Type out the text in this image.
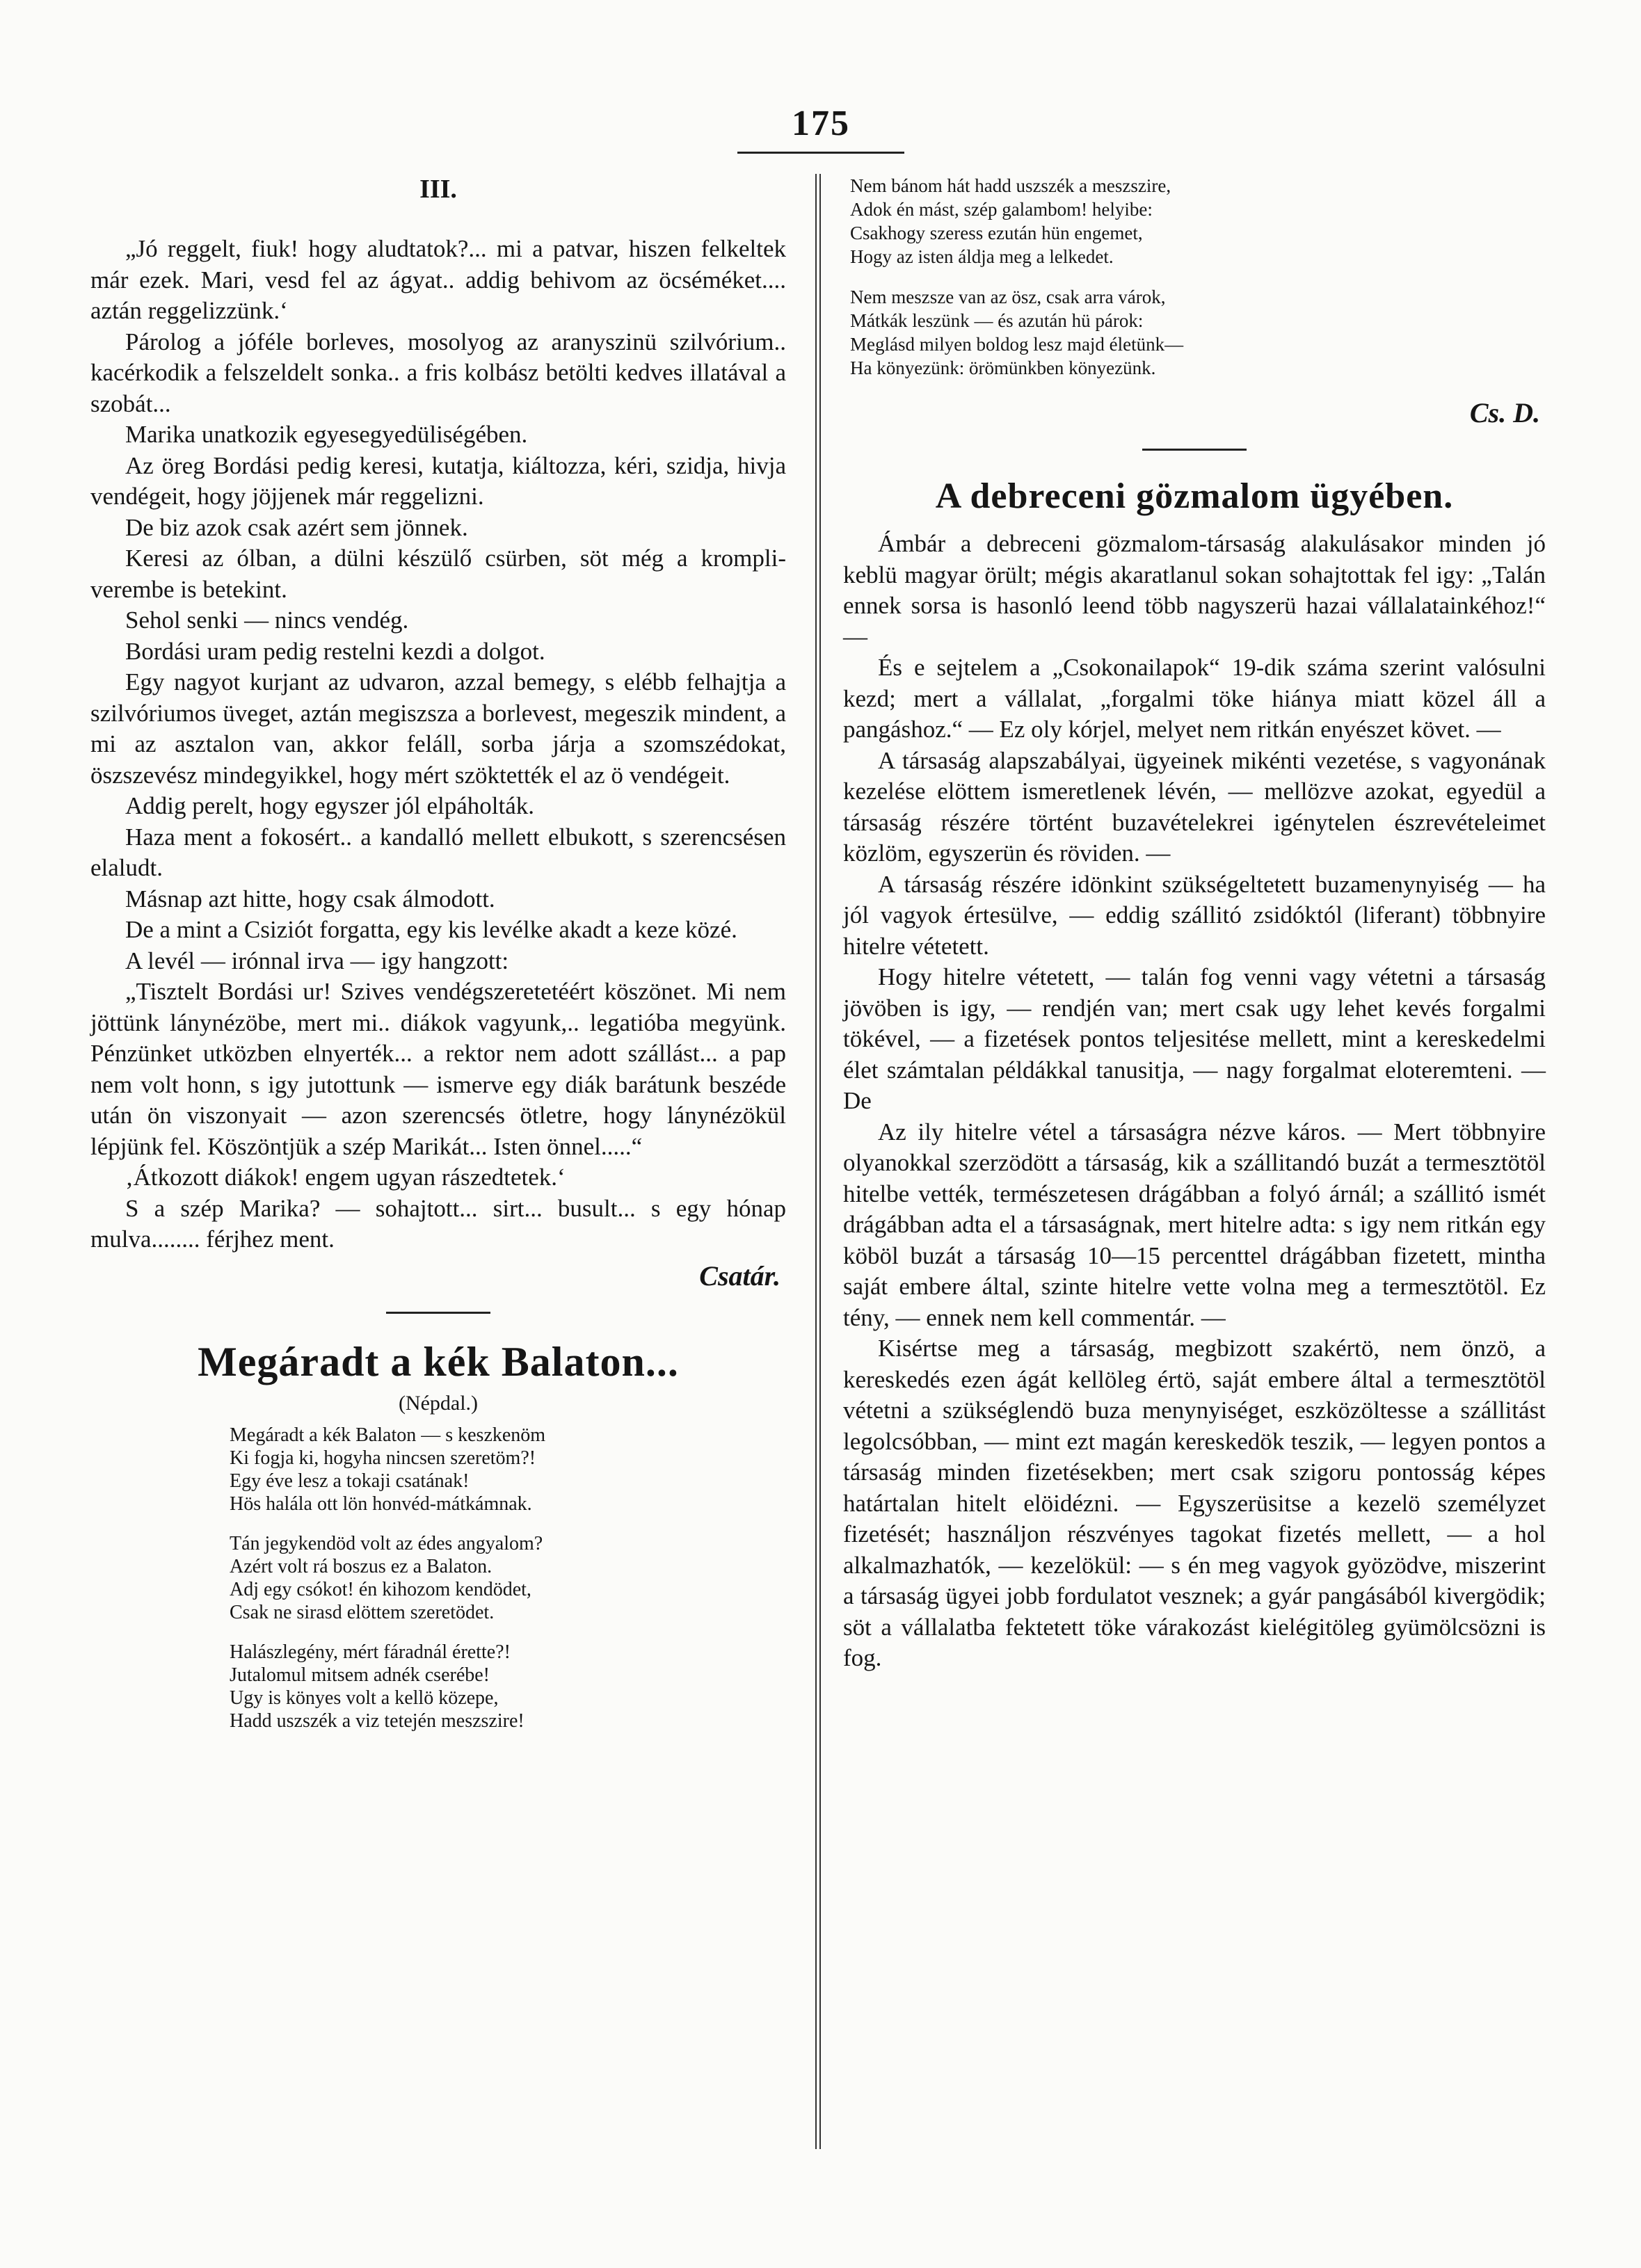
175
III.

„Jó reggelt, fiuk! hogy aludtatok?... mi a patvar, hiszen felkeltek már ezek. Mari, vesd fel az ágyat.. addig behivom az öcséméket.... aztán reggelizzünk.‘

Párolog a jóféle borleves, mosolyog az aranyszinü szilvórium.. kacérkodik a felszeldelt sonka.. a fris kolbász betölti kedves illatával a szobát...

Marika unatkozik egyesegyedüliségében.

Az öreg Bordási pedig keresi, kutatja, kiáltozza, kéri, szidja, hivja vendégeit, hogy jöjjenek már reggelizni.

De biz azok csak azért sem jönnek.

Keresi az ólban, a dülni készülő csürben, söt még a krompli-verembe is betekint.

Sehol senki — nincs vendég.

Bordási uram pedig restelni kezdi a dolgot.

Egy nagyot kurjant az udvaron, azzal bemegy, s elébb felhajtja a szilvóriumos üveget, aztán megiszsza a borlevest, megeszik mindent, a mi az asztalon van, akkor feláll, sorba járja a szomszédokat, öszszevész mindegyikkel, hogy mért szöktették el az ö vendégeit.

Addig perelt, hogy egyszer jól elpáholták.

Haza ment a fokosért.. a kandalló mellett elbukott, s szerencsésen elaludt.

Másnap azt hitte, hogy csak álmodott.

De a mint a Csiziót forgatta, egy kis levélke akadt a keze közé.

A levél — irónnal irva — igy hangzott:

„Tisztelt Bordási ur! Szives vendégszeretetéért köszönet. Mi nem jöttünk lánynézöbe, mert mi.. diákok vagyunk,.. legatióba megyünk. Pénzünket utközben elnyerték... a rektor nem adott szállást... a pap nem volt honn, s igy jutottunk — ismerve egy diák barátunk beszéde után ön viszonyait — azon szerencsés ötletre, hogy lánynézökül lépjünk fel. Köszöntjük a szép Marikát... Isten önnel.....“

‚Átkozott diákok! engem ugyan rászedtetek.‘

S a szép Marika? — sohajtott... sirt... busult... s egy hónap mulva........ férjhez ment.

Csatár.
Megáradt a kék Balaton...
(Népdal.)
Megáradt a kék Balaton — s keszkenöm
Ki fogja ki, hogyha nincsen szeretöm?!
Egy éve lesz a tokaji csatának!
Hös halála ott lön honvéd-mátkámnak.
Tán jegykendöd volt az édes angyalom?
Azért volt rá boszus ez a Balaton.
Adj egy csókot! én kihozom kendödet,
Csak ne sirasd elöttem szeretödet.
Halászlegény, mért fáradnál érette?!
Jutalomul mitsem adnék cserébe!
Ugy is könyes volt a kellö közepe,
Hadd uszszék a viz tetején meszszire!
Nem bánom hát hadd uszszék a meszszire,
Adok én mást, szép galambom! helyibe:
Csakhogy szeress ezután hün engemet,
Hogy az isten áldja meg a lelkedet.
Nem meszsze van az ösz, csak arra várok,
Mátkák leszünk — és azután hü párok:
Meglásd milyen boldog lesz majd életünk—
Ha könyezünk: örömünkben könyezünk.
Cs. D.
A debreceni gözmalom ügyében.

Ámbár a debreceni gözmalom-társaság alakulásakor minden jó keblü magyar örült; mégis akaratlanul sokan sohajtottak fel igy: „Talán ennek sorsa is hasonló leend több nagyszerü hazai vállalatainkéhoz!“ —

És e sejtelem a „Csokonailapok“ 19-dik száma szerint valósulni kezd; mert a vállalat, „forgalmi töke hiánya miatt közel áll a pangáshoz.“ — Ez oly kórjel, melyet nem ritkán enyészet követ. —

A társaság alapszabályai, ügyeinek mikénti vezetése, s vagyonának kezelése elöttem ismeretlenek lévén, — mellözve azokat, egyedül a társaság részére történt buzavételekrei igénytelen észrevételeimet közlöm, egyszerün és röviden. —

A társaság részére idönkint szükségeltetett buzamenynyiség — ha jól vagyok értesülve, — eddig szállitó zsidóktól (liferant) többnyire hitelre vétetett.

Hogy hitelre vétetett, — talán fog venni vagy vétetni a társaság jövöben is igy, — rendjén van; mert csak ugy lehet kevés forgalmi tökével, — a fizetések pontos teljesitése mellett, mint a kereskedelmi élet számtalan példákkal tanusitja, — nagy forgalmat eloteremteni. — De

Az ily hitelre vétel a társaságra nézve káros. — Mert többnyire olyanokkal szerzödött a társaság, kik a szállitandó buzát a termesztötöl hitelbe vették, természetesen drágábban a folyó árnál; a szállitó ismét drágábban adta el a társaságnak, mert hitelre adta: s igy nem ritkán egy köböl buzát a társaság 10—15 percenttel drágábban fizetett, mintha saját embere által, szinte hitelre vette volna meg a termesztötöl. Ez tény, — ennek nem kell commentár. —

Kisértse meg a társaság, megbizott szakértö, nem önzö, a kereskedés ezen ágát kellöleg értö, saját embere által a termesztötöl vétetni a szükséglendö buza menynyiséget, eszközöltesse a szállitást legolcsóbban, — mint ezt magán kereskedök teszik, — legyen pontos a társaság minden fizetésekben; mert csak szigoru pontosság képes határtalan hitelt elöidézni. — Egyszerüsitse a kezelö személyzet fizetését; használjon részvényes tagokat fizetés mellett, — a hol alkalmazhatók, — kezelökül: — s én meg vagyok gyözödve, miszerint a társaság ügyei jobb fordulatot vesznek; a gyár pangásából kivergödik; söt a vállalatba fektetett töke várakozást kielégitöleg gyümölcsözni is fog.
